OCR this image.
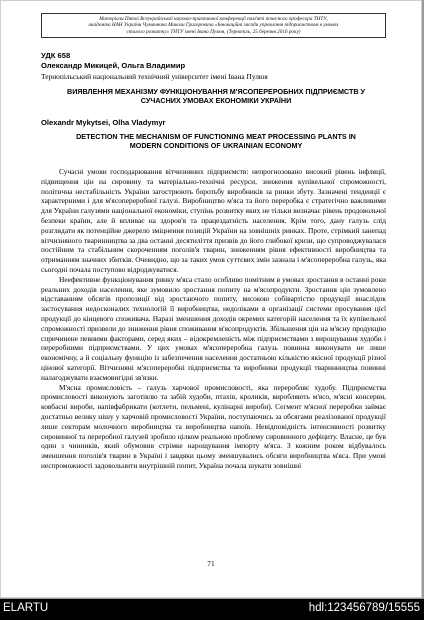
Матеріали Пятої Всеукраїнської науково-практичної конференції пам'яті почесного професора ТНТУ,
академіка НАН України Чумачника Миколи Григоровича «Інноваційні засади управління підприємством в умовах
сталого розвитку» ТНТУ імені Івана Пулюя, (Тернопіль, 25 березня 2016 року)
УДК 658
Олександр Микицей, Ольга Владимир
Тернопільський національний технічний університет імені Івана Пулюя
ВИЯВЛЕННЯ МЕХАНІЗМУ ФУНКЦІОНУВАННЯ М'ЯСОПЕРЕРОБНИХ ПІДПРИЄМСТВ У СУЧАСНИХ УМОВАХ ЕКОНОМІКИ УКРАЇНИ
Olexandr Mykytsei, Olha Vladymyr
DETECTION THE MECHANISM OF FUNCTIONING MEAT PROCESSING PLANTS IN MODERN CONDITIONS OF UKRAINIAN ECONOMY

Сучасні умови господарювання вітчизняних підприємств: непрогнозовано високий рівень інфляції, підвищення цін на сировину та матеріально-технічні ресурси, зниження купівельної спроможності, політична нестабільність України загострюють боротьбу виробників за ринки збуту. Зазначені тенденції є характерними і для м'ясопереробної галузі. Виробництво м'яса та його переробка є стратегічно важливими для України галузями національної економіки, ступінь розвитку яких не тільки визначає рівень продовольчої безпеки країни, але й впливає на здоров'я та працездатність населення. Крім того, дану галузь слід розглядати як потенційне джерело зміцнення позицій України на зовнішніх ринках. Проте, стрімкий занепад вітчизняного тваринництва за два останні десятиліття призвів до його глибокої кризи, що супроводжувалася постійним та стабільним скороченням поголів'я тварин, зниженням рівня ефективності виробництва та отриманням значних збитків. Очевидно, що за таких умов суттєвих змін зазнала і м'ясопереробна галузь, яка сьогодні почала поступово відроджуватися.

Неефективне функціонування ринку м'яса стало особливо помітним в умовах зростання в останні роки реальних доходів населення, яке зумовило зростання попиту на м'ясопродукти. Зростання цін зумовлено відставанням обсягів пропозиції від зростаючого попиту, високою собівартістю продукції внаслідок застосування недосконалих технологій її виробництва, недоліками в організації системи просування цієї продукції до кінцевого споживача. Наразі зменшення доходів окремих категорій населення та їх купівельної спроможності призвели до зниження рівня споживання м'ясопродуктів. Збільшення цін на м'ясну продукцію спричинене певними факторами, серед яких – відокремленість між підприємствами з вирощування худоби і переробними підприємствами. У цих умовах м'ясопереробна галузь повинна виконувати не лише економічну, а й соціальну функцію із забезпечення населення достатньою кількістю якісної продукції різної цінової категорії. Вітчизняні м'ясопереробні підприємства та виробники продукції тваринництва повинні налагоджувати взаємовигідні зв'язки.

М'ясна промисловість – галузь харчової промисловості, яка переробляє худобу. Підприємства промисловості виконують заготівлю та забій худоби, птахів, кроликів, виробляють м'ясо, м'ясні консерви, ковбасні вироби, напівфабрикати (котлети, пельмені, кулінарні вироби). Сегмент м'ясної переробки займає достатньо велику нішу у харчовій промисловості України, поступаючись за обсягами реалізованої продукції лише секторам молочного виробництва та виробництва напоїв. Невідповідність інтенсивності розвитку сировинної та переробної галузей зробило цілком реальною проблему сировинного дефіциту. Власне, це був один з чинників, який обумовив стрімке нарощування імпорту м'яса. З кожним роком відбувалось зменшення поголів'я тварин в Україні і завдяки цьому зменшувались обсяги виробництва м'яса. При умові неспроможності задовольнити внутрішній попит, Україна почала шукати зовнішні

71
ELARTU	hdl:123456789/15555
